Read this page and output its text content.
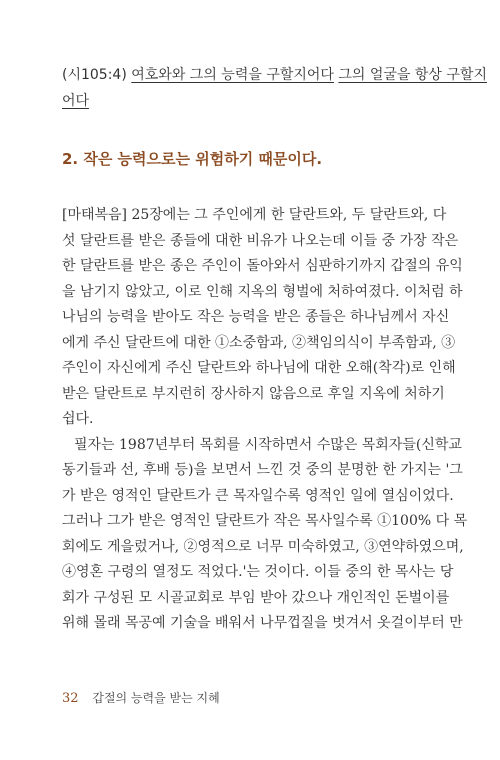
(시105:4) 여호와와 그의 능력을 구할지어다 그의 얼굴을 항상 구할지
어다
2. 작은 능력으로는 위험하기 때문이다.
[마태복음] 25장에는 그 주인에게 한 달란트와, 두 달란트와, 다
섯 달란트를 받은 종들에 대한 비유가 나오는데 이들 중 가장 작은
한 달란트를 받은 종은 주인이 돌아와서 심판하기까지 갑절의 유익
을 남기지 않았고, 이로 인해 지옥의 형벌에 처하여졌다. 이처럼 하
나님의 능력을 받아도 작은 능력을 받은 종들은 하나님께서 자신
에게 주신 달란트에 대한 ①소중함과, ②책임의식이 부족함과, ③
주인이 자신에게 주신 달란트와 하나님에 대한 오해(착각)로 인해
받은 달란트로 부지런히 장사하지 않음으로 후일 지옥에 처하기
쉽다.
필자는 1987년부터 목회를 시작하면서 수많은 목회자들(신학교
동기들과 선, 후배 등)을 보면서 느낀 것 중의 분명한 한 가지는 '그
가 받은 영적인 달란트가 큰 목자일수록 영적인 일에 열심이었다.
그러나 그가 받은 영적인 달란트가 작은 목사일수록 ①100% 다 목
회에도 게을렀거나, ②영적으로 너무 미숙하였고, ③연약하였으며,
④영혼 구령의 열정도 적었다.'는 것이다. 이들 중의 한 목사는 당
회가 구성된 모 시골교회로 부임 받아 갔으나 개인적인 돈벌이를
위해 몰래 목공예 기술을 배워서 나무껍질을 벗겨서 옷걸이부터 만
32 갑절의 능력을 받는 지혜
